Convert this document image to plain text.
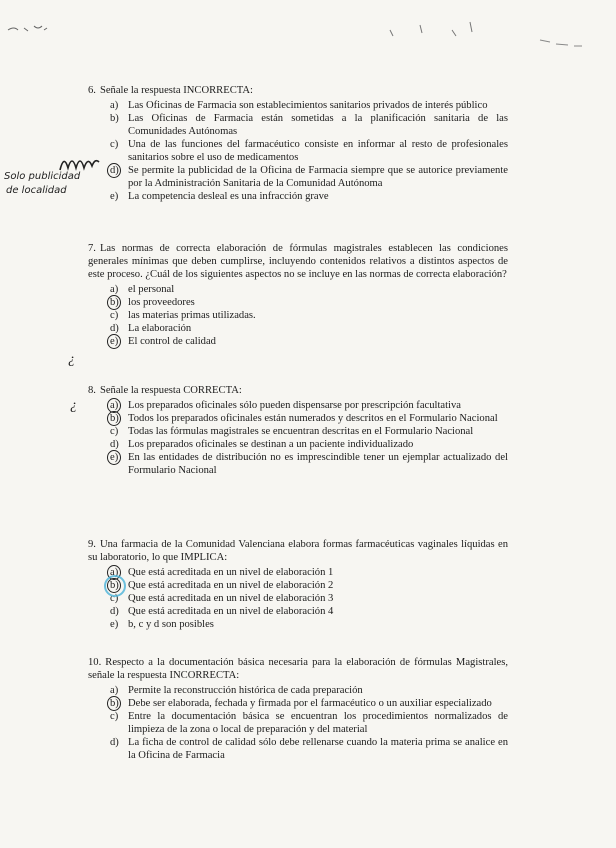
Solo publicidad
de localidad
6. Señale la respuesta INCORRECTA:
a) Las Oficinas de Farmacia son establecimientos sanitarios privados de interés público
b) Las Oficinas de Farmacia están sometidas a la planificación sanitaria de las Comunidades Autónomas
c) Una de las funciones del farmacéutico consiste en informar al resto de profesionales sanitarios sobre el uso de medicamentos
d) Se permite la publicidad de la Oficina de Farmacia siempre que se autorice previamente por la Administración Sanitaria de la Comunidad Autónoma
e) La competencia desleal es una infracción grave
7. Las normas de correcta elaboración de fórmulas magistrales establecen las condiciones generales mínimas que deben cumplirse, incluyendo contenidos relativos a distintos aspectos de este proceso. ¿Cuál de los siguientes aspectos no se incluye en las normas de correcta elaboración?
a) el personal
b) los proveedores
c) las materias primas utilizadas.
d) La elaboración
e) El control de calidad
¿
8. Señale la respuesta CORRECTA:
a) Los preparados oficinales sólo pueden dispensarse por prescripción facultativa
b) Todos los preparados oficinales están numerados y descritos en el Formulario Nacional
c) Todas las fórmulas magistrales se encuentran descritas en el Formulario Nacional
d) Los preparados oficinales se destinan a un paciente individualizado
e) En las entidades de distribución no es imprescindible tener un ejemplar actualizado del Formulario Nacional
¿
9. Una farmacia de la Comunidad Valenciana elabora formas farmacéuticas vaginales líquidas en su laboratorio, lo que IMPLICA:
a) Que está acreditada en un nivel de elaboración 1
b) Que está acreditada en un nivel de elaboración 2
c) Que está acreditada en un nivel de elaboración 3
d) Que está acreditada en un nivel de elaboración 4
e) b, c y d son posibles
10. Respecto a la documentación básica necesaria para la elaboración de fórmulas Magistrales, señale la respuesta INCORRECTA:
a) Permite la reconstrucción histórica de cada preparación
b) Debe ser elaborada, fechada y firmada por el farmacéutico o un auxiliar especializado
c) Entre la documentación básica se encuentran los procedimientos normalizados de limpieza de la zona o local de preparación y del material
d) La ficha de control de calidad sólo debe rellenarse cuando la materia prima se analice en la Oficina de Farmacia
